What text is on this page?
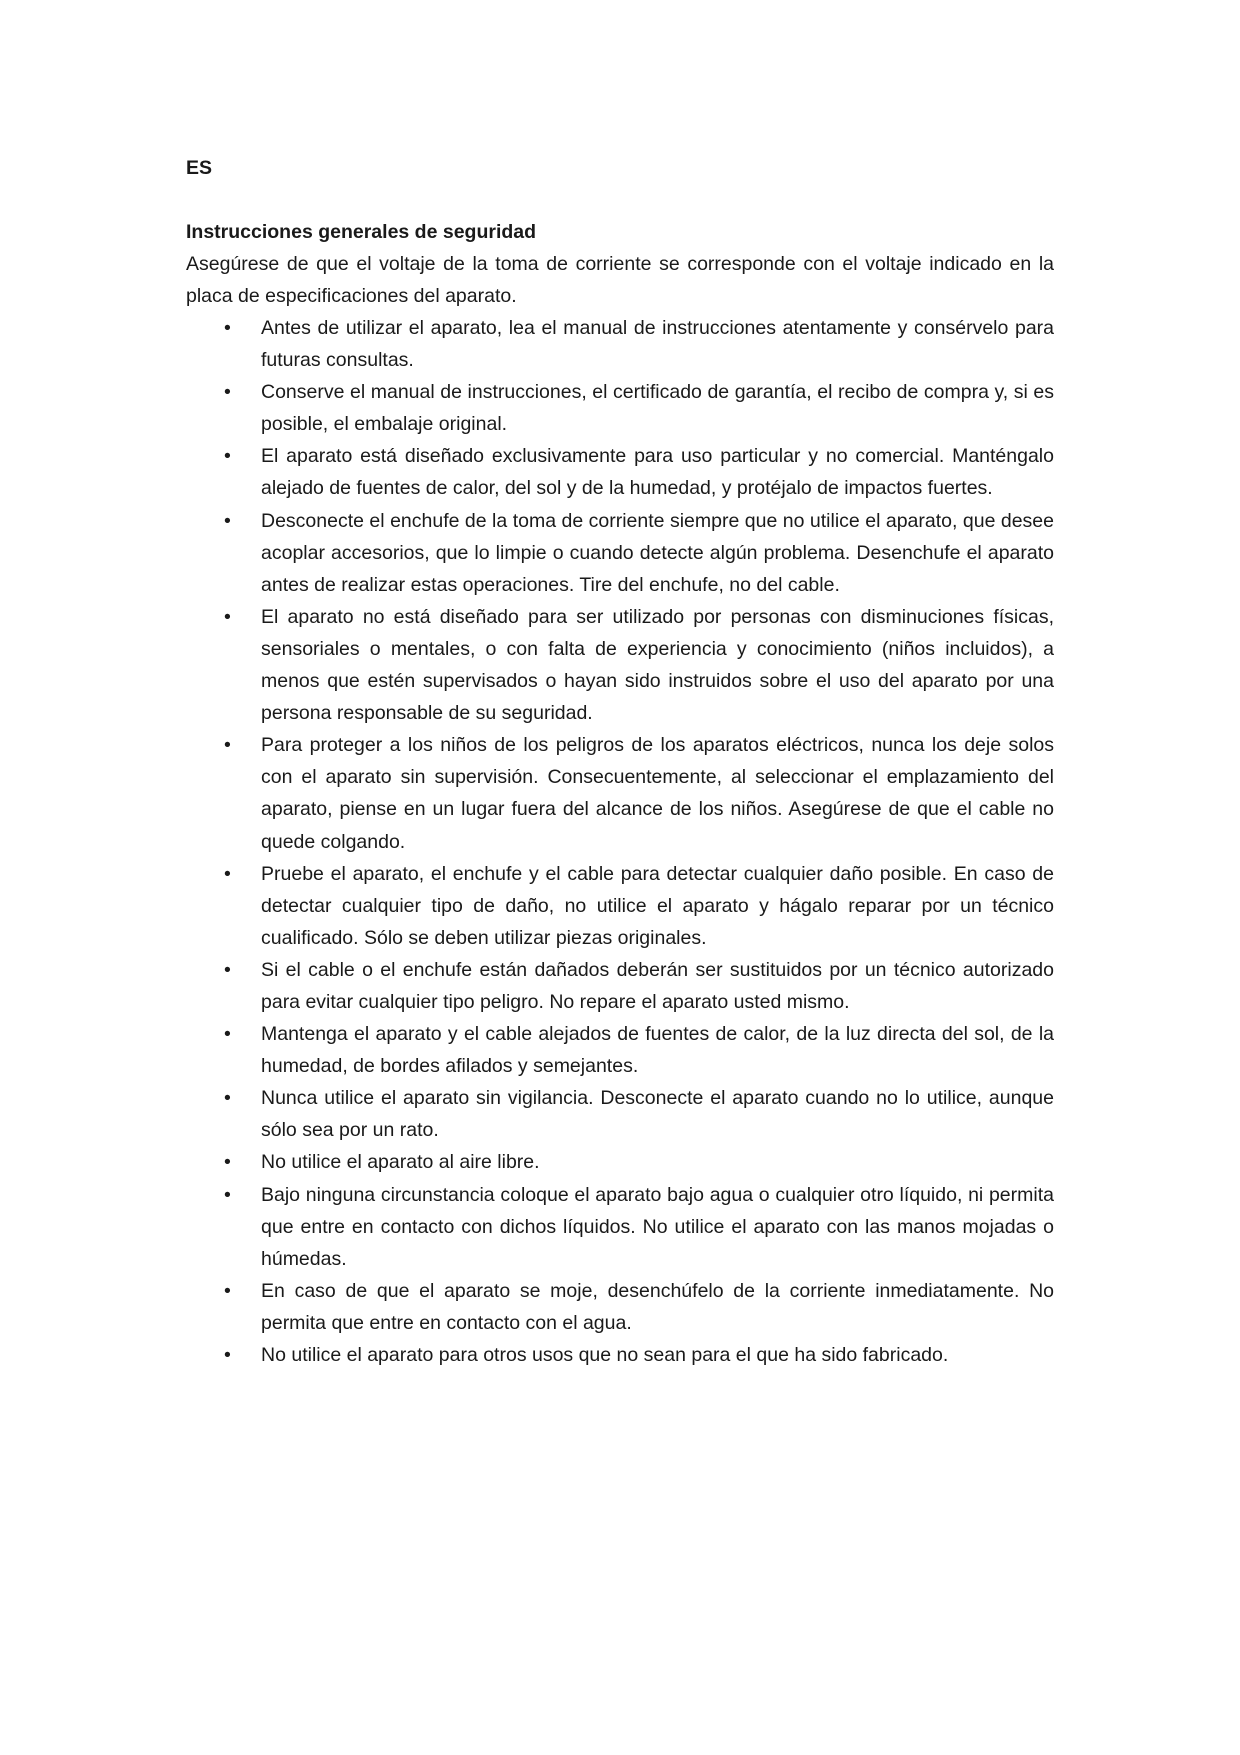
ES

Instrucciones generales de seguridad

Asegúrese de que el voltaje de la toma de corriente se corresponde con el voltaje indicado en la placa de especificaciones del aparato.

• Antes de utilizar el aparato, lea el manual de instrucciones atentamente y consérvelo para futuras consultas.
• Conserve el manual de instrucciones, el certificado de garantía, el recibo de compra y, si es posible, el embalaje original.
• El aparato está diseñado exclusivamente para uso particular y no comercial. Manténgalo alejado de fuentes de calor, del sol y de la humedad, y protéjalo de impactos fuertes.
• Desconecte el enchufe de la toma de corriente siempre que no utilice el aparato, que desee acoplar accesorios, que lo limpie o cuando detecte algún problema. Desenchufe el aparato antes de realizar estas operaciones. Tire del enchufe, no del cable.
• El aparato no está diseñado para ser utilizado por personas con disminuciones físicas, sensoriales o mentales, o con falta de experiencia y conocimiento (niños incluidos), a menos que estén supervisados o hayan sido instruidos sobre el uso del aparato por una persona responsable de su seguridad.
• Para proteger a los niños de los peligros de los aparatos eléctricos, nunca los deje solos con el aparato sin supervisión. Consecuentemente, al seleccionar el emplazamiento del aparato, piense en un lugar fuera del alcance de los niños. Asegúrese de que el cable no quede colgando.
• Pruebe el aparato, el enchufe y el cable para detectar cualquier daño posible. En caso de detectar cualquier tipo de daño, no utilice el aparato y hágalo reparar por un técnico cualificado. Sólo se deben utilizar piezas originales.
• Si el cable o el enchufe están dañados deberán ser sustituidos por un técnico autorizado para evitar cualquier tipo peligro. No repare el aparato usted mismo.
• Mantenga el aparato y el cable alejados de fuentes de calor, de la luz directa del sol, de la humedad, de bordes afilados y semejantes.
• Nunca utilice el aparato sin vigilancia. Desconecte el aparato cuando no lo utilice, aunque sólo sea por un rato.
• No utilice el aparato al aire libre.
• Bajo ninguna circunstancia coloque el aparato bajo agua o cualquier otro líquido, ni permita que entre en contacto con dichos líquidos. No utilice el aparato con las manos mojadas o húmedas.
• En caso de que el aparato se moje, desenchúfelo de la corriente inmediatamente. No permita que entre en contacto con el agua.
• No utilice el aparato para otros usos que no sean para el que ha sido fabricado.
